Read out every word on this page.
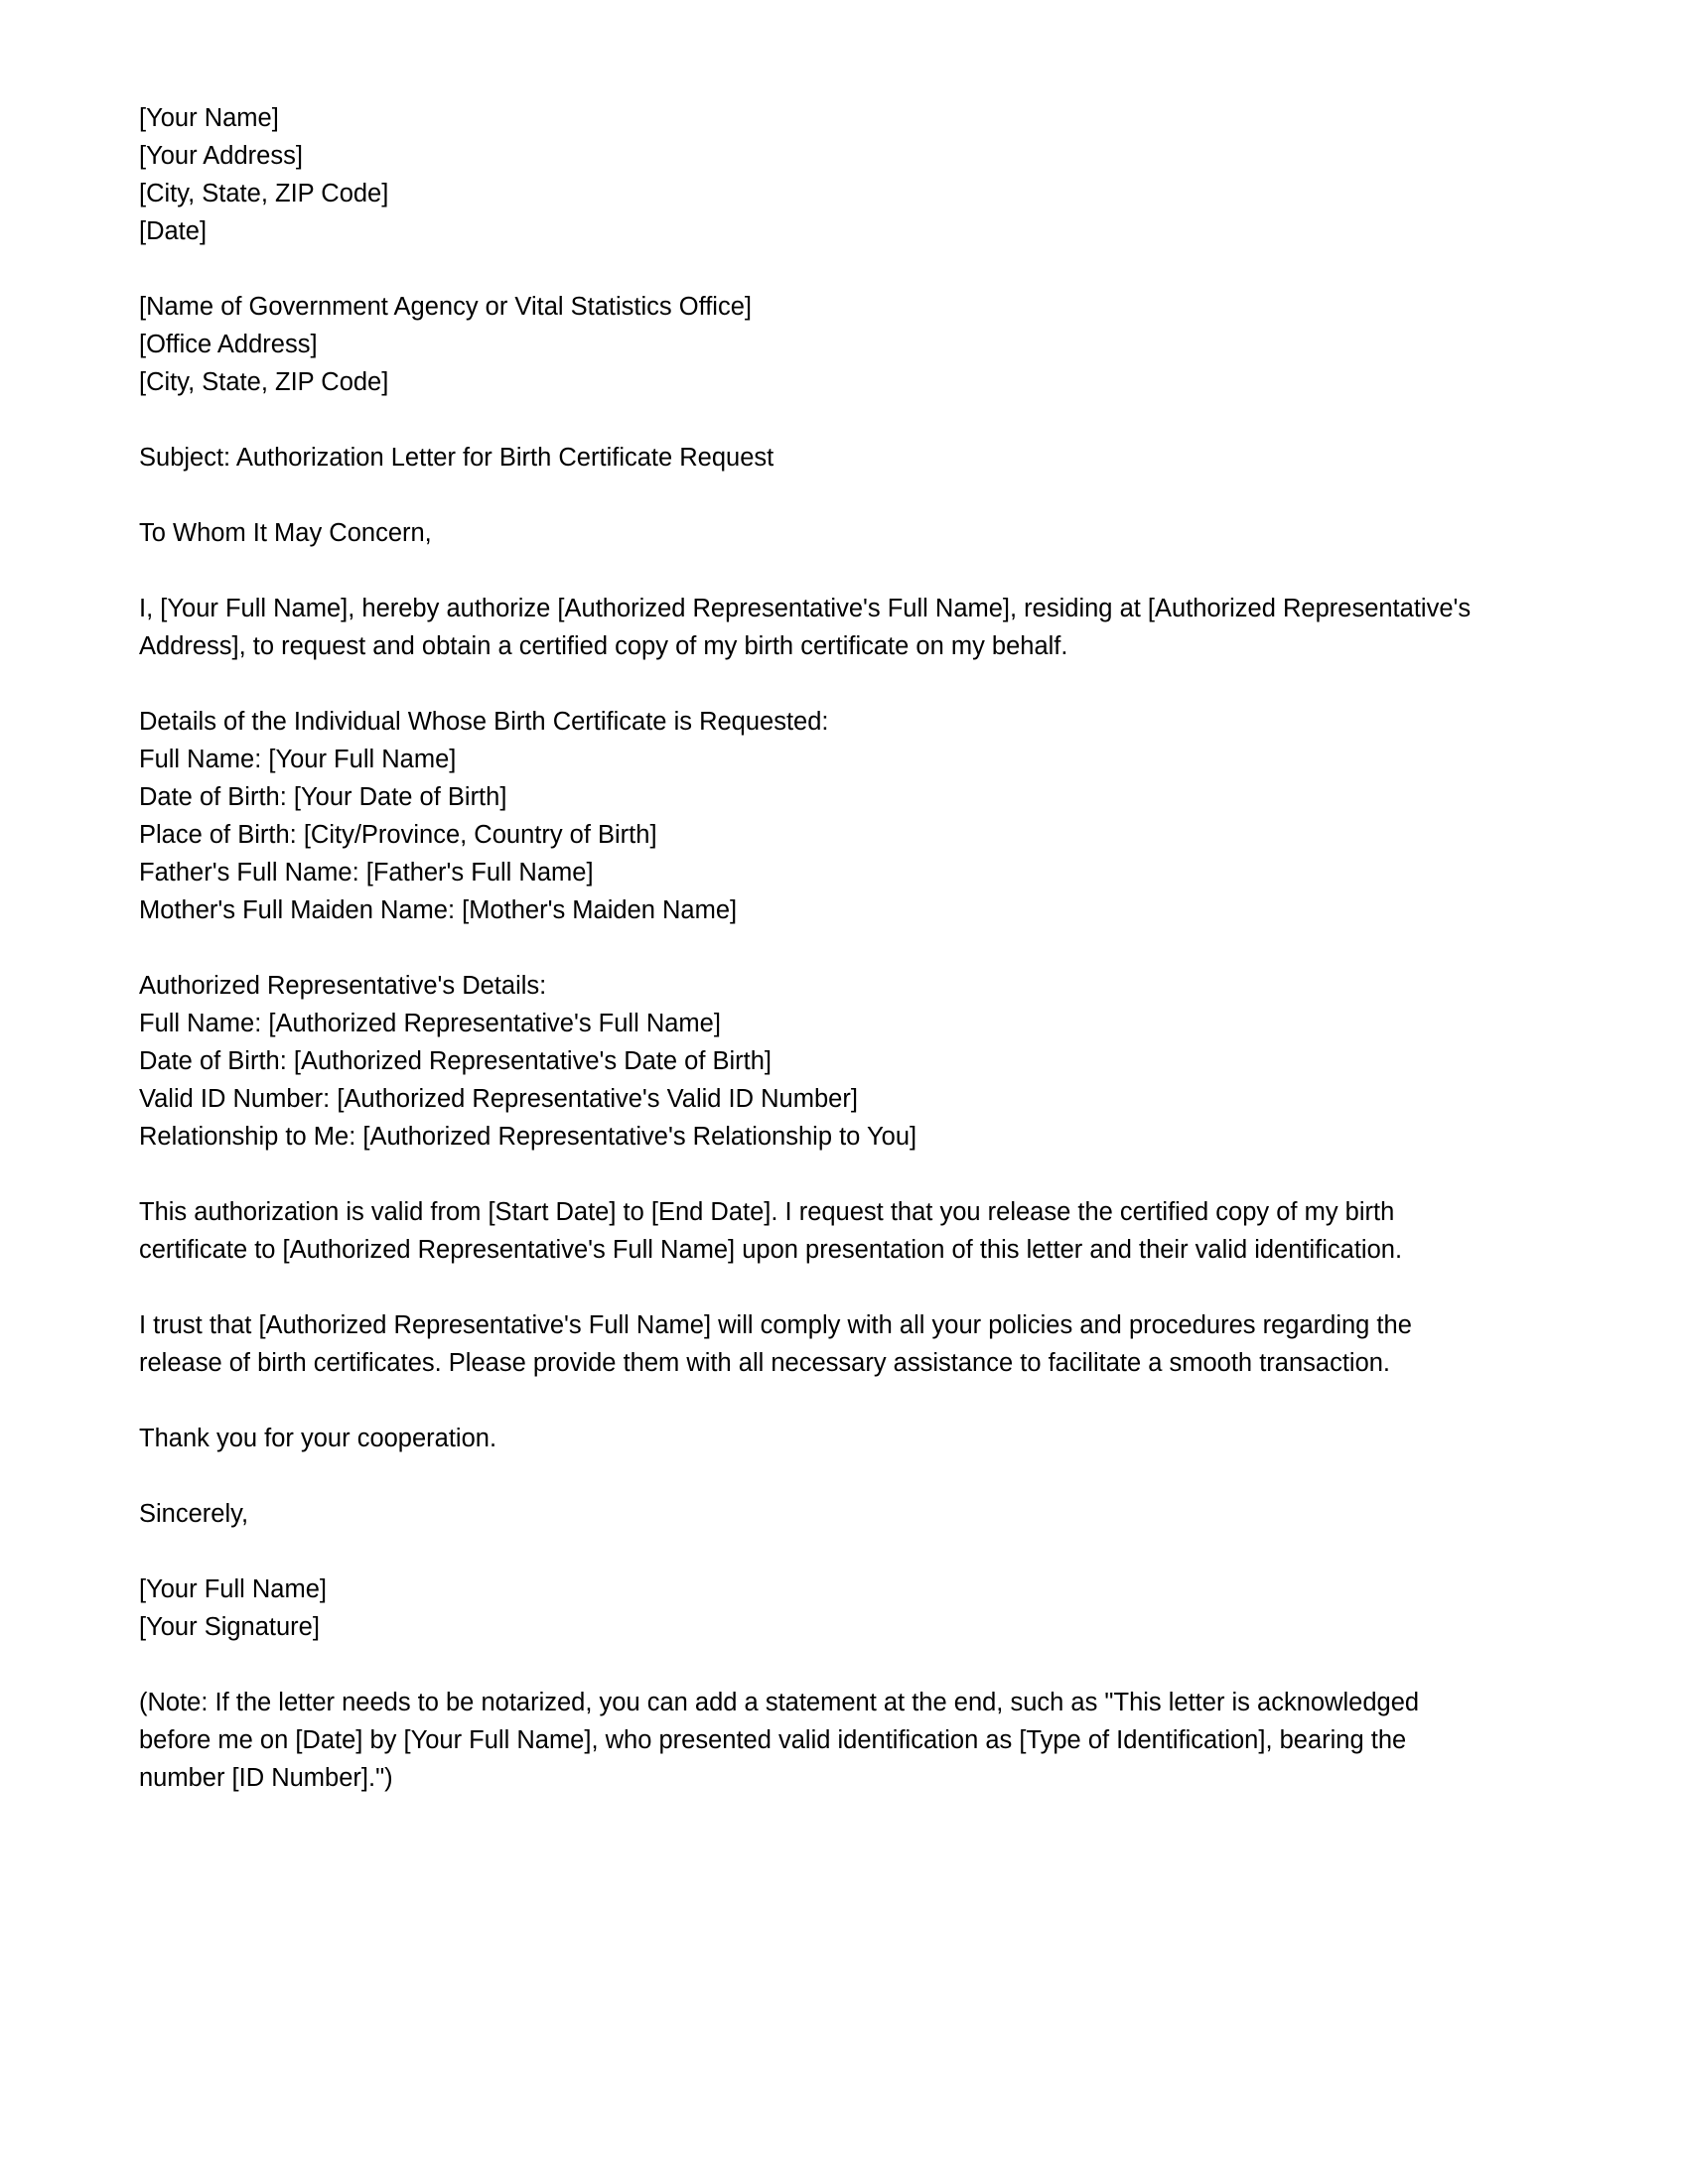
[Your Name]
[Your Address]
[City, State, ZIP Code]
[Date]
[Name of Government Agency or Vital Statistics Office]
[Office Address]
[City, State, ZIP Code]
Subject: Authorization Letter for Birth Certificate Request
To Whom It May Concern,
I, [Your Full Name], hereby authorize [Authorized Representative's Full Name], residing at [Authorized Representative's Address], to request and obtain a certified copy of my birth certificate on my behalf.
Details of the Individual Whose Birth Certificate is Requested:
Full Name: [Your Full Name]
Date of Birth: [Your Date of Birth]
Place of Birth: [City/Province, Country of Birth]
Father's Full Name: [Father's Full Name]
Mother's Full Maiden Name: [Mother's Maiden Name]
Authorized Representative's Details:
Full Name: [Authorized Representative's Full Name]
Date of Birth: [Authorized Representative's Date of Birth]
Valid ID Number: [Authorized Representative's Valid ID Number]
Relationship to Me: [Authorized Representative's Relationship to You]
This authorization is valid from [Start Date] to [End Date]. I request that you release the certified copy of my birth certificate to [Authorized Representative's Full Name] upon presentation of this letter and their valid identification.
I trust that [Authorized Representative's Full Name] will comply with all your policies and procedures regarding the release of birth certificates. Please provide them with all necessary assistance to facilitate a smooth transaction.
Thank you for your cooperation.
Sincerely,
[Your Full Name]
[Your Signature]
(Note: If the letter needs to be notarized, you can add a statement at the end, such as "This letter is acknowledged before me on [Date] by [Your Full Name], who presented valid identification as [Type of Identification], bearing the number [ID Number].")
